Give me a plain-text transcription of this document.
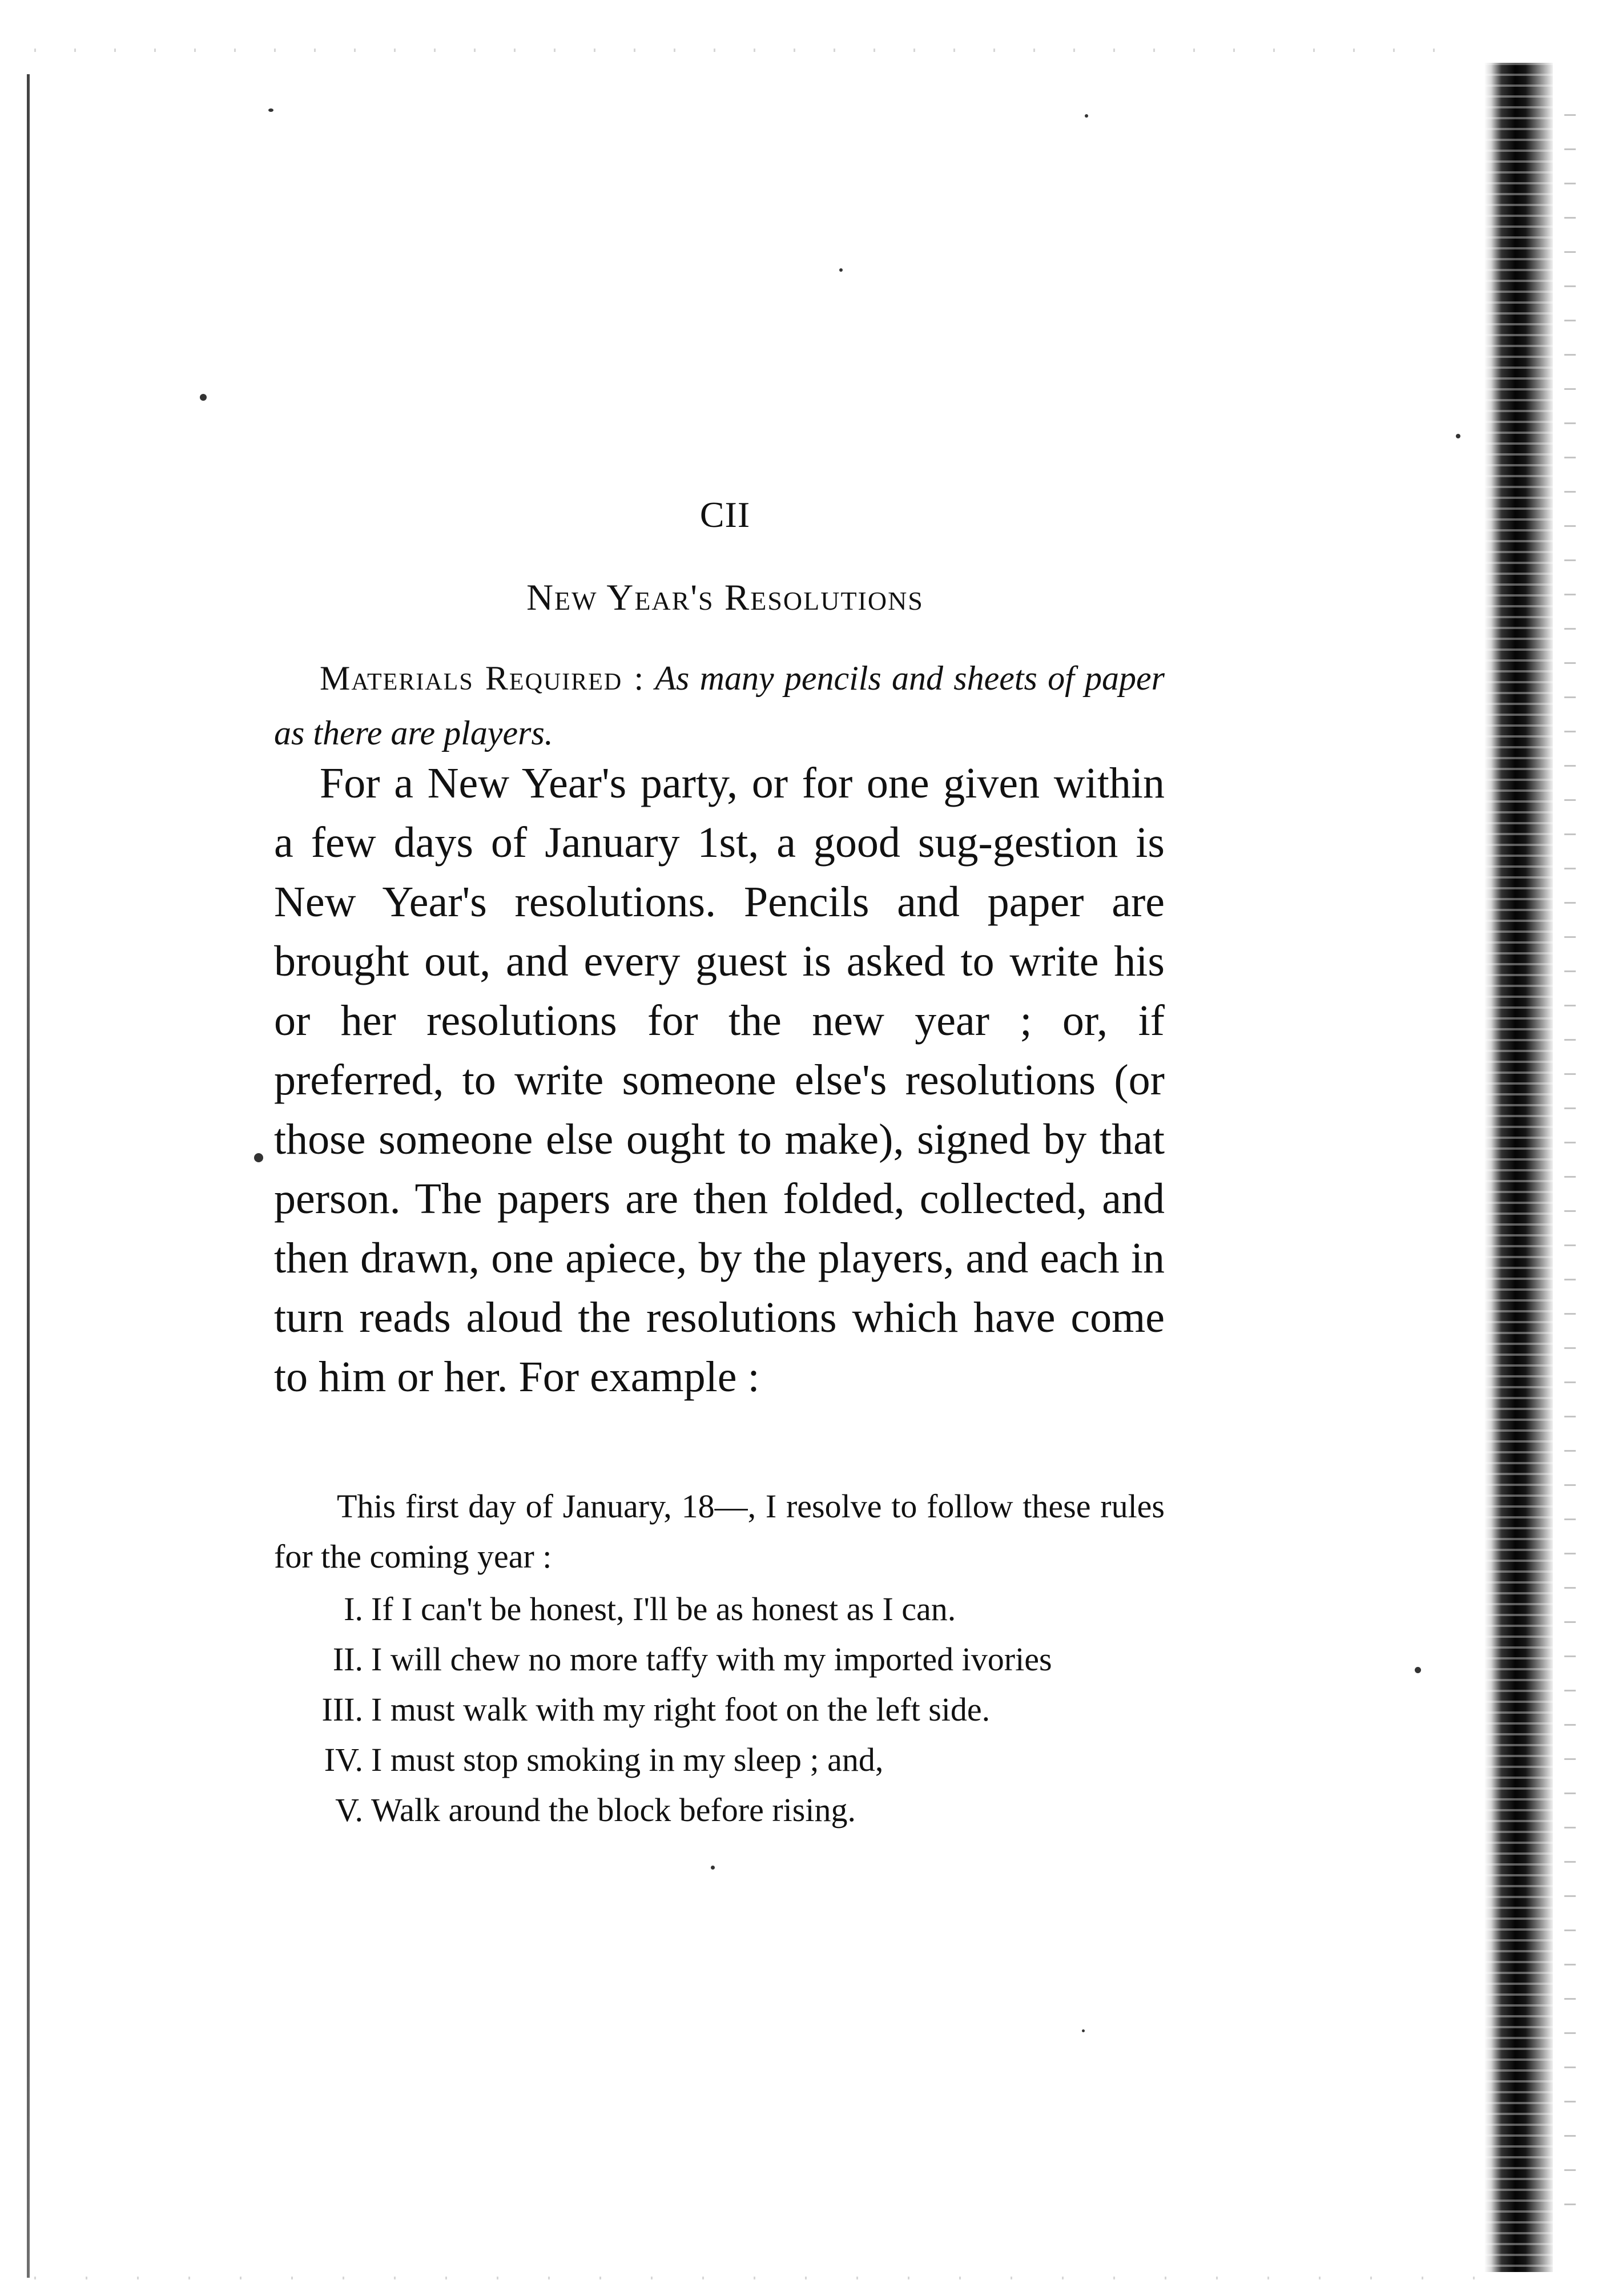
CII
New Year's Resolutions
Materials Required : As many pencils and sheets of paper as there are players.

For a New Year's party, or for one given within a few days of January 1st, a good sug-gestion is New Year's resolutions. Pencils and paper are brought out, and every guest is asked to write his or her resolutions for the new year ; or, if preferred, to write someone else's resolutions (or those someone else ought to make), signed by that person. The papers are then folded, collected, and then drawn, one apiece, by the players, and each in turn reads aloud the resolutions which have come to him or her. For example :

This first day of January, 18—, I resolve to follow these rules for the coming year :

I. If I can't be honest, I'll be as honest as I can.
II. I will chew no more taffy with my imported ivories
III. I must walk with my right foot on the left side.
IV. I must stop smoking in my sleep ; and,
V. Walk around the block before rising.
